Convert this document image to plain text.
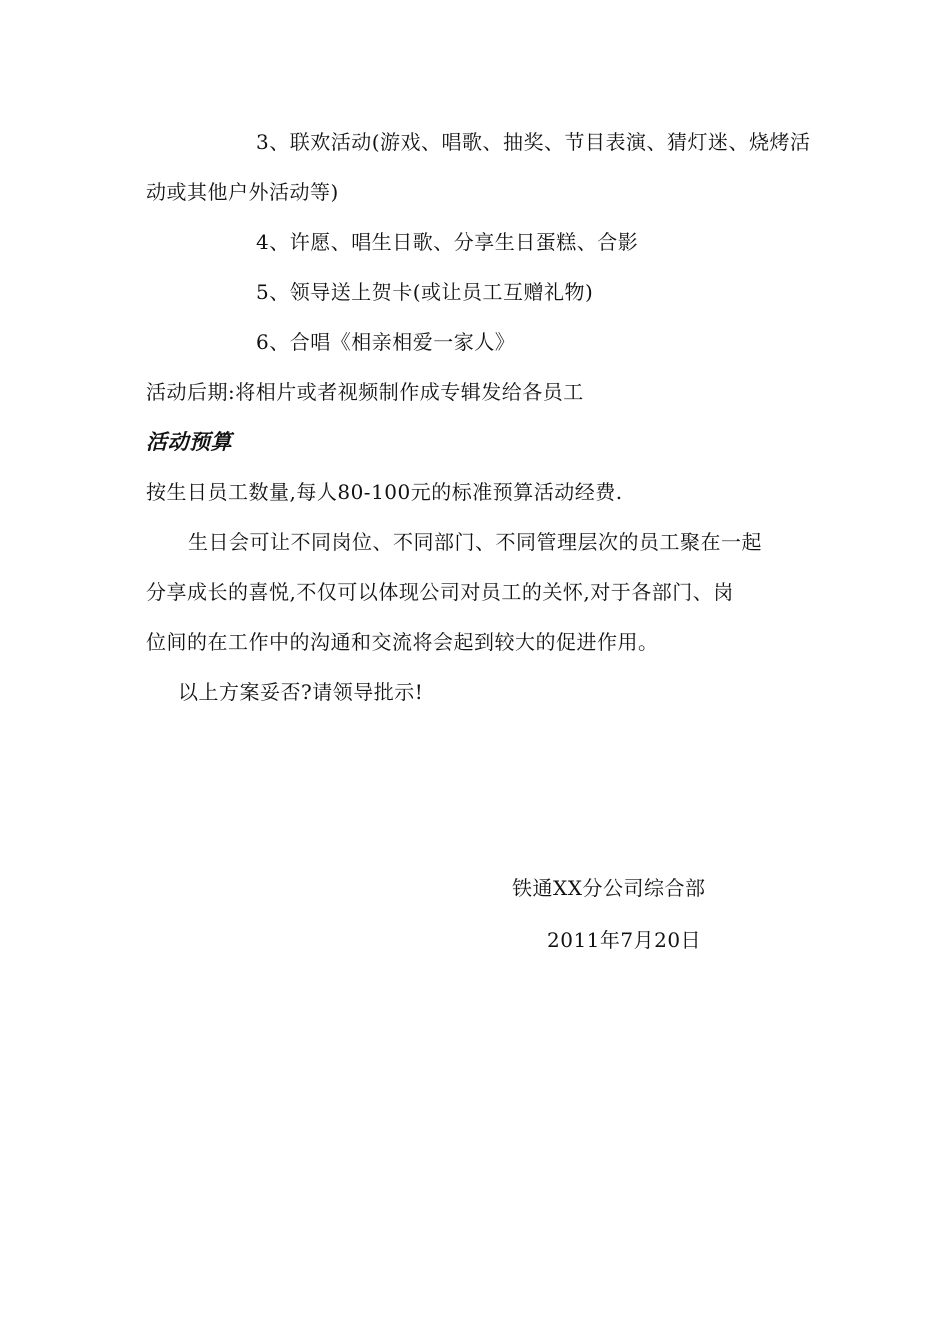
3、联欢活动(游戏、唱歌、抽奖、节目表演、猜灯迷、烧烤活
动或其他户外活动等)
4、许愿、唱生日歌、分享生日蛋糕、合影
5、领导送上贺卡(或让员工互赠礼物)
6、合唱《相亲相爱一家人》
活动后期:将相片或者视频制作成专辑发给各员工
活动预算
按生日员工数量,每人80-100元的标准预算活动经费.
生日会可让不同岗位、不同部门、不同管理层次的员工聚在一起
分享成长的喜悦,不仅可以体现公司对员工的关怀,对于各部门、岗
位间的在工作中的沟通和交流将会起到较大的促进作用。
以上方案妥否?请领导批示!
铁通XX分公司综合部
2011年7月20日
